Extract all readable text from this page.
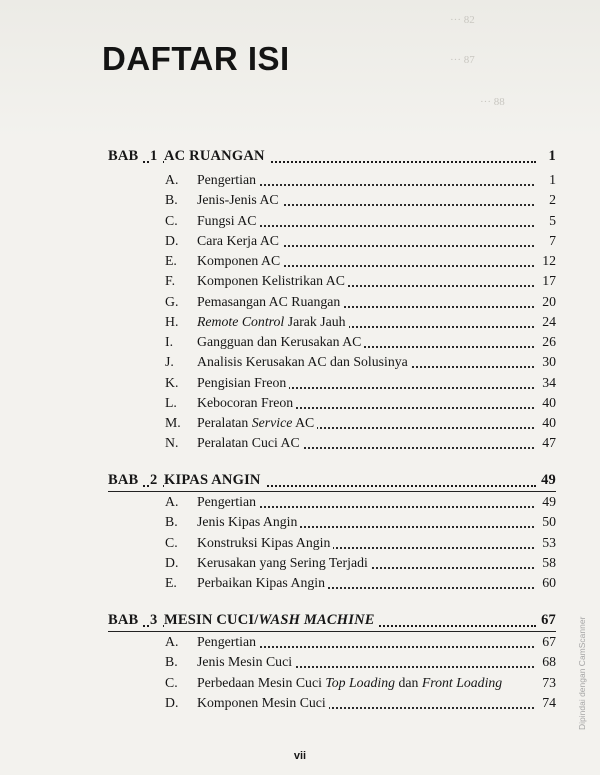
··· 82
··· 87
··· 88
DAFTAR ISI
BAB 1 AC RUANGAN	1
A. Pengertian	1
B. Jenis-Jenis AC	2
C. Fungsi AC	5
D. Cara Kerja AC	7
E. Komponen AC	12
F. Komponen Kelistrikan AC	17
G. Pemasangan AC Ruangan	20
H. Remote Control Jarak Jauh	24
I. Gangguan dan Kerusakan AC	26
J. Analisis Kerusakan AC dan Solusinya	30
K. Pengisian Freon	34
L. Kebocoran Freon	40
M. Peralatan Service AC	40
N. Peralatan Cuci AC	47
BAB 2 KIPAS ANGIN	49
A. Pengertian	49
B. Jenis Kipas Angin	50
C. Konstruksi Kipas Angin	53
D. Kerusakan yang Sering Terjadi	58
E. Perbaikan Kipas Angin	60
BAB 3 MESIN CUCI/WASH MACHINE	67
A. Pengertian	67
B. Jenis Mesin Cuci	68
C. Perbedaan Mesin Cuci Top Loading dan Front Loading	73
D. Komponen Mesin Cuci	74
vii
Dipindai dengan CamScanner
